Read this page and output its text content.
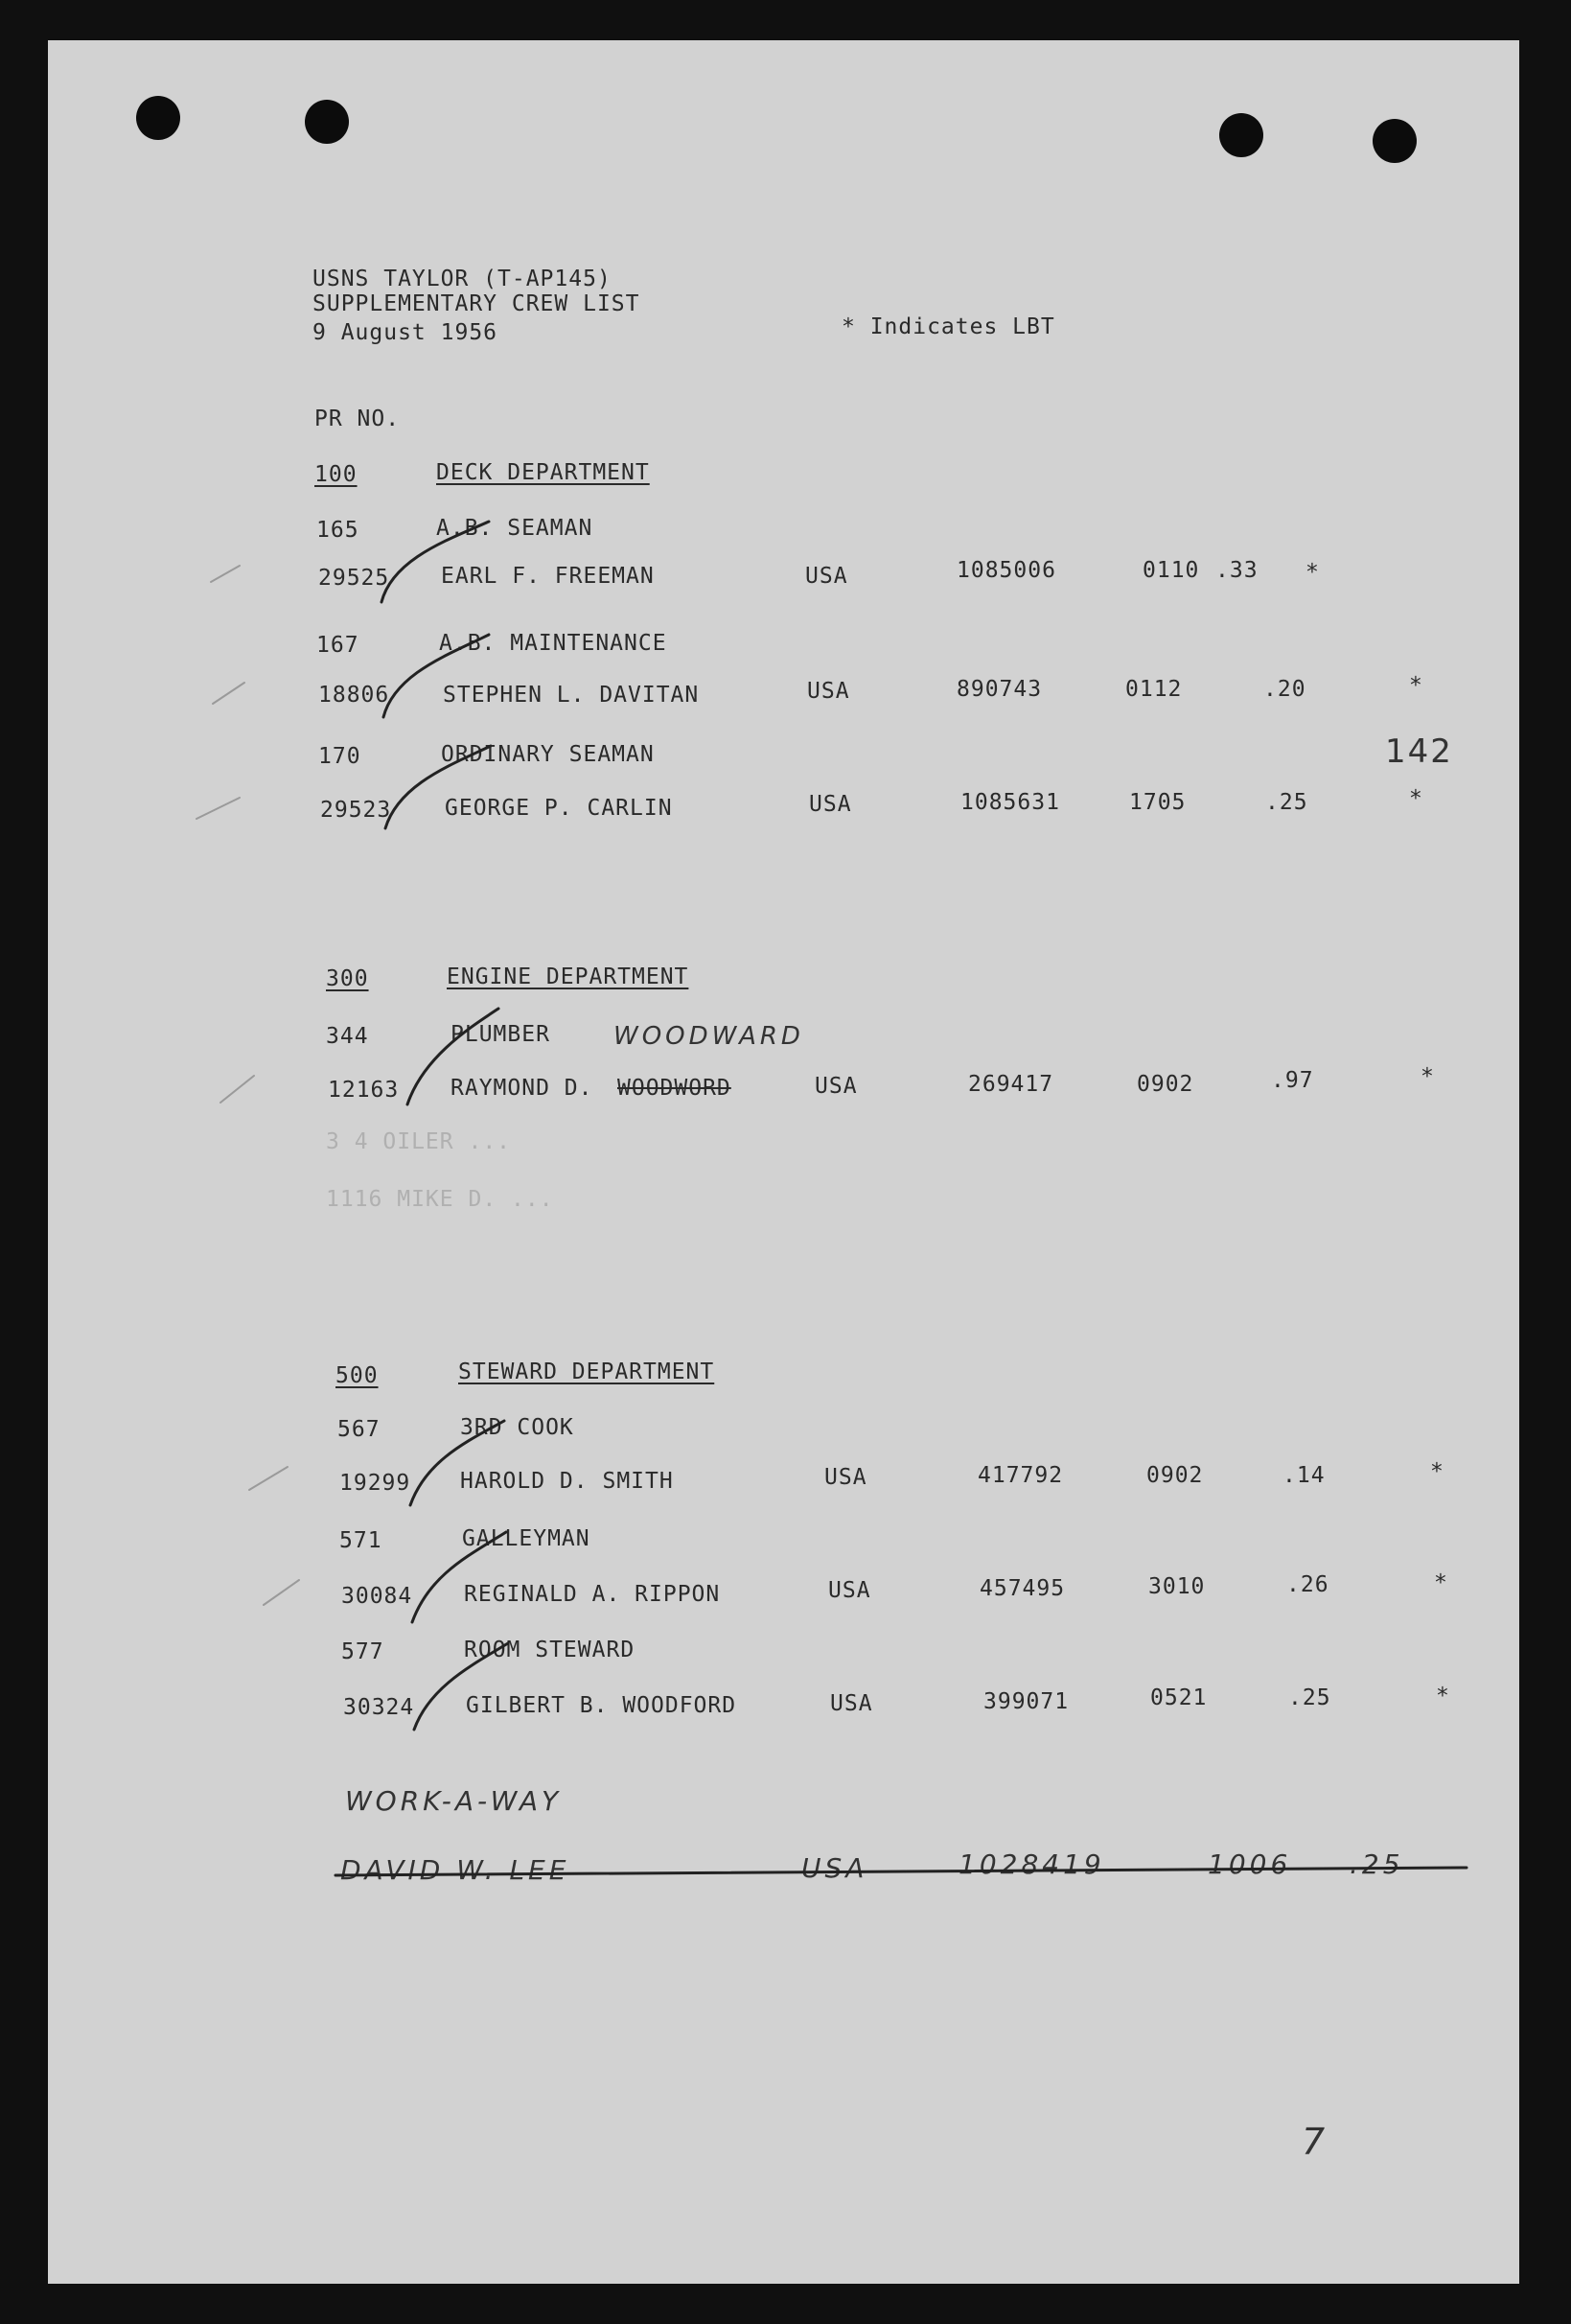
USNS TAYLOR (T-AP145)
SUPPLEMENTARY CREW LIST
9 August 1956	* Indicates LBT
PR NO.
142
100	DECK DEPARTMENT
165	A.B. SEAMAN
29525 EARL F. FREEMAN	USA	1085006	0110 .33 *
167	A.B. MAINTENANCE
18806 STEPHEN L. DAVITAN	USA	890743	0112	.20	*
170	ORDINARY SEAMAN
29523 GEORGE P. CARLIN	USA	1085631	1705	.25	*
300	ENGINE DEPARTMENT
344	PLUMBER	WOODWARD
12163 RAYMOND D. WOODWORD	USA	269417	0902	.97	*
3 4 OILER ...
1116 MIKE D. ...
500	STEWARD DEPARTMENT
567	3RD COOK
19299 HAROLD D. SMITH	USA	417792	0902	.14	*
571	GALLEYMAN
30084 REGINALD A. RIPPON	USA	457495	3010	.26	*
577	ROOM STEWARD
30324 GILBERT B. WOODFORD	USA	399071	0521	.25	*
WORK-A-WAY
DAVID W. LEE	USA	1028419	1006 .25
7
